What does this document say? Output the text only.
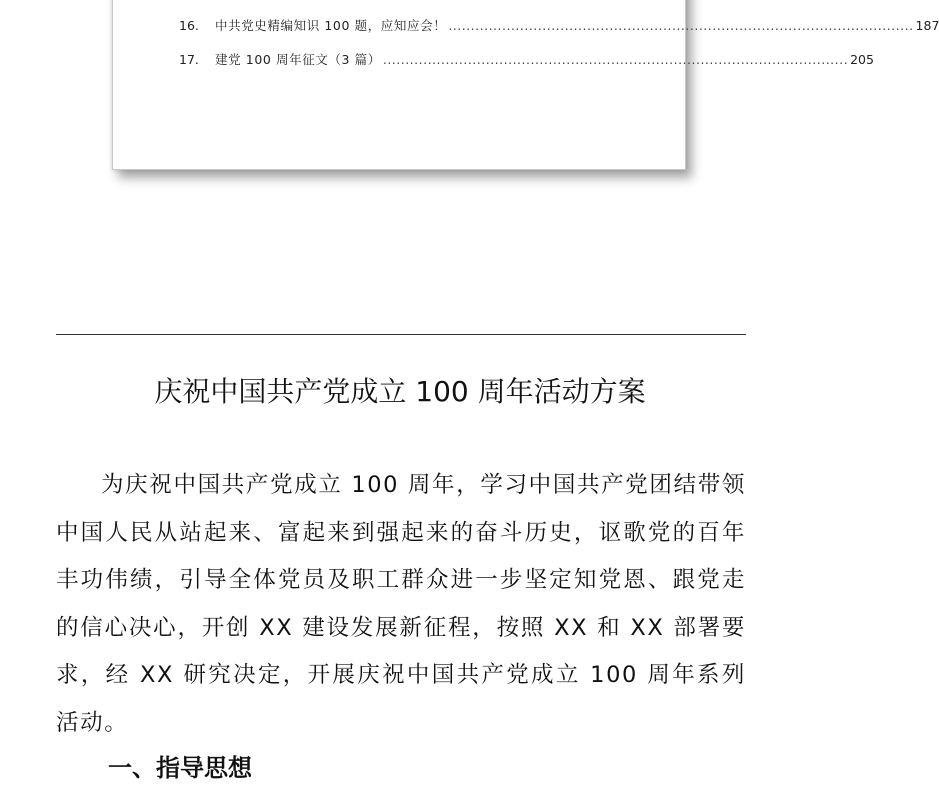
16.	中共党史精编知识 100 题，应知应会！ ........................................................................................................ 187
17.	建党 100 周年征文（3 篇） ........................................................................................................ 205
庆祝中国共产党成立 100 周年活动方案

为庆祝中国共产党成立 100 周年，学习中国共产党团结带领中国人民从站起来、富起来到强起来的奋斗历史，讴歌党的百年丰功伟绩，引导全体党员及职工群众进一步坚定知党恩、跟党走的信心决心，开创 XX 建设发展新征程，按照 XX 和 XX 部署要求，经 XX 研究决定，开展庆祝中国共产党成立 100 周年系列活动。

一、指导思想
